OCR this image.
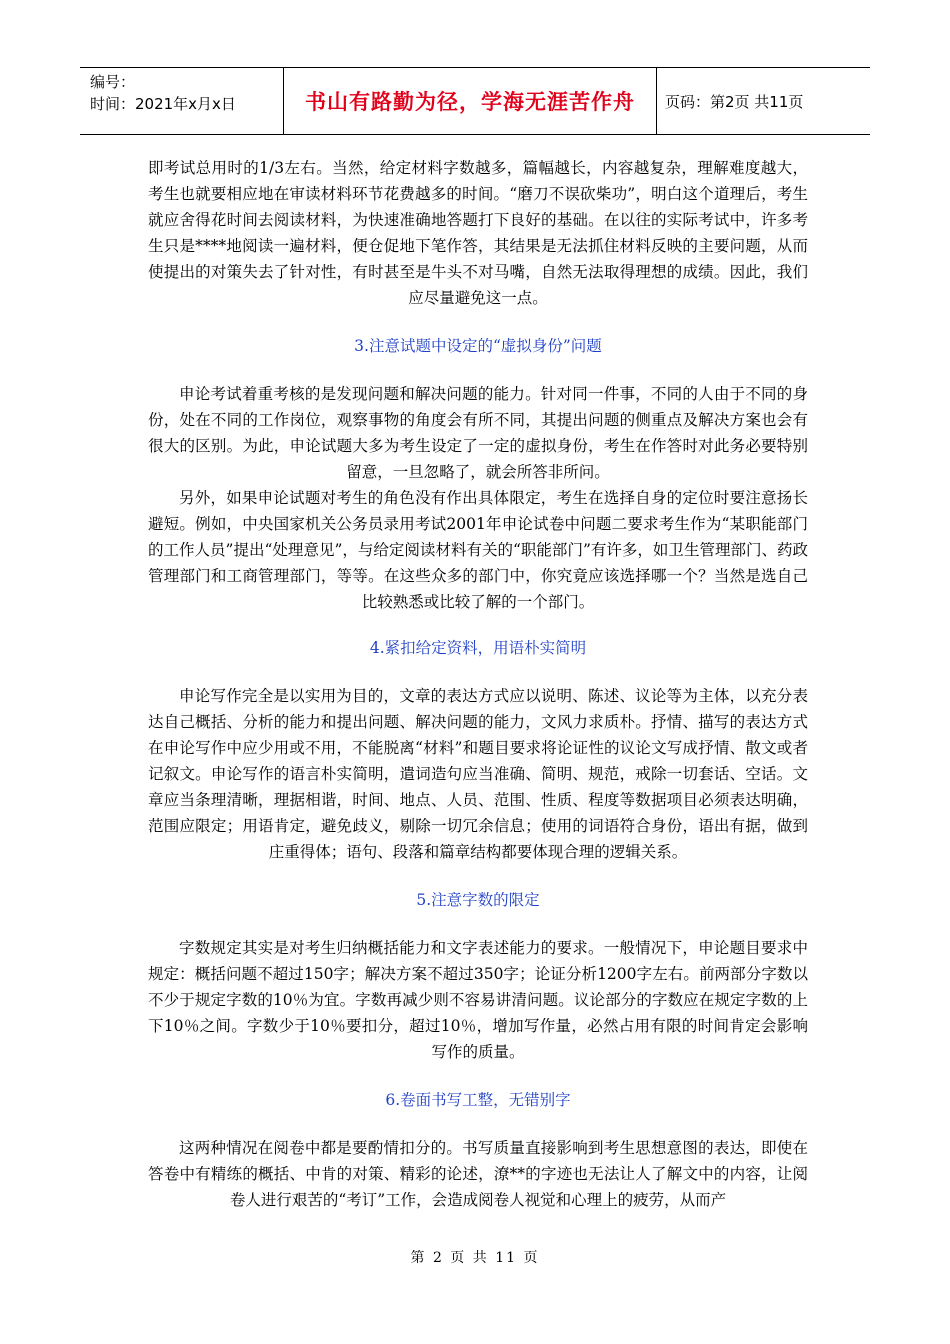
编号：
时间：2021年x月x日	书山有路勤为径，学海无涯苦作舟 页码：第2页 共11页

即考试总用时的1/3左右。当然，给定材料字数越多，篇幅越长，内容越复杂，理解难度越大，考生也就要相应地在审读材料环节花费越多的时间。“磨刀不误砍柴功”，明白这个道理后，考生就应舍得花时间去阅读材料，为快速准确地答题打下良好的基础。在以往的实际考试中，许多考生只是****地阅读一遍材料，便仓促地下笔作答，其结果是无法抓住材料反映的主要问题，从而使提出的对策失去了针对性，有时甚至是牛头不对马嘴，自然无法取得理想的成绩。因此，我们应尽量避免这一点。

3.注意试题中设定的“虚拟身份”问题

申论考试着重考核的是发现问题和解决问题的能力。针对同一件事，不同的人由于不同的身份，处在不同的工作岗位，观察事物的角度会有所不同，其提出问题的侧重点及解决方案也会有很大的区别。为此，申论试题大多为考生设定了一定的虚拟身份，考生在作答时对此务必要特别留意，一旦忽略了，就会所答非所问。

另外，如果申论试题对考生的角色没有作出具体限定，考生在选择自身的定位时要注意扬长避短。例如，中央国家机关公务员录用考试2001年申论试卷中问题二要求考生作为“某职能部门的工作人员”提出“处理意见”，与给定阅读材料有关的“职能部门”有许多，如卫生管理部门、药政管理部门和工商管理部门，等等。在这些众多的部门中，你究竟应该选择哪一个？当然是选自己比较熟悉或比较了解的一个部门。

4.紧扣给定资料，用语朴实简明

申论写作完全是以实用为目的，文章的表达方式应以说明、陈述、议论等为主体，以充分表达自己概括、分析的能力和提出问题、解决问题的能力，文风力求质朴。抒情、描写的表达方式在申论写作中应少用或不用，不能脱离“材料”和题目要求将论证性的议论文写成抒情、散文或者记叙文。申论写作的语言朴实简明，遣词造句应当准确、简明、规范，戒除一切套话、空话。文章应当条理清晰，理据相谐，时间、地点、人员、范围、性质、程度等数据项目必须表达明确，范围应限定；用语肯定，避免歧义，剔除一切冗余信息；使用的词语符合身份，语出有据，做到庄重得体；语句、段落和篇章结构都要体现合理的逻辑关系。

5.注意字数的限定

字数规定其实是对考生归纳概括能力和文字表述能力的要求。一般情况下，申论题目要求中规定：概括问题不超过150字；解决方案不超过350字；论证分析1200字左右。前两部分字数以不少于规定字数的10％为宜。字数再减少则不容易讲清问题。议论部分的字数应在规定字数的上下10％之间。字数少于10％要扣分，超过10％，增加写作量，必然占用有限的时间肯定会影响写作的质量。

6.卷面书写工整，无错别字

这两种情况在阅卷中都是要酌情扣分的。书写质量直接影响到考生思想意图的表达，即使在答卷中有精练的概括、中肯的对策、精彩的论述，潦**的字迹也无法让人了解文中的内容，让阅卷人进行艰苦的“考订”工作，会造成阅卷人视觉和心理上的疲劳，从而产

第 2 页 共 11 页
